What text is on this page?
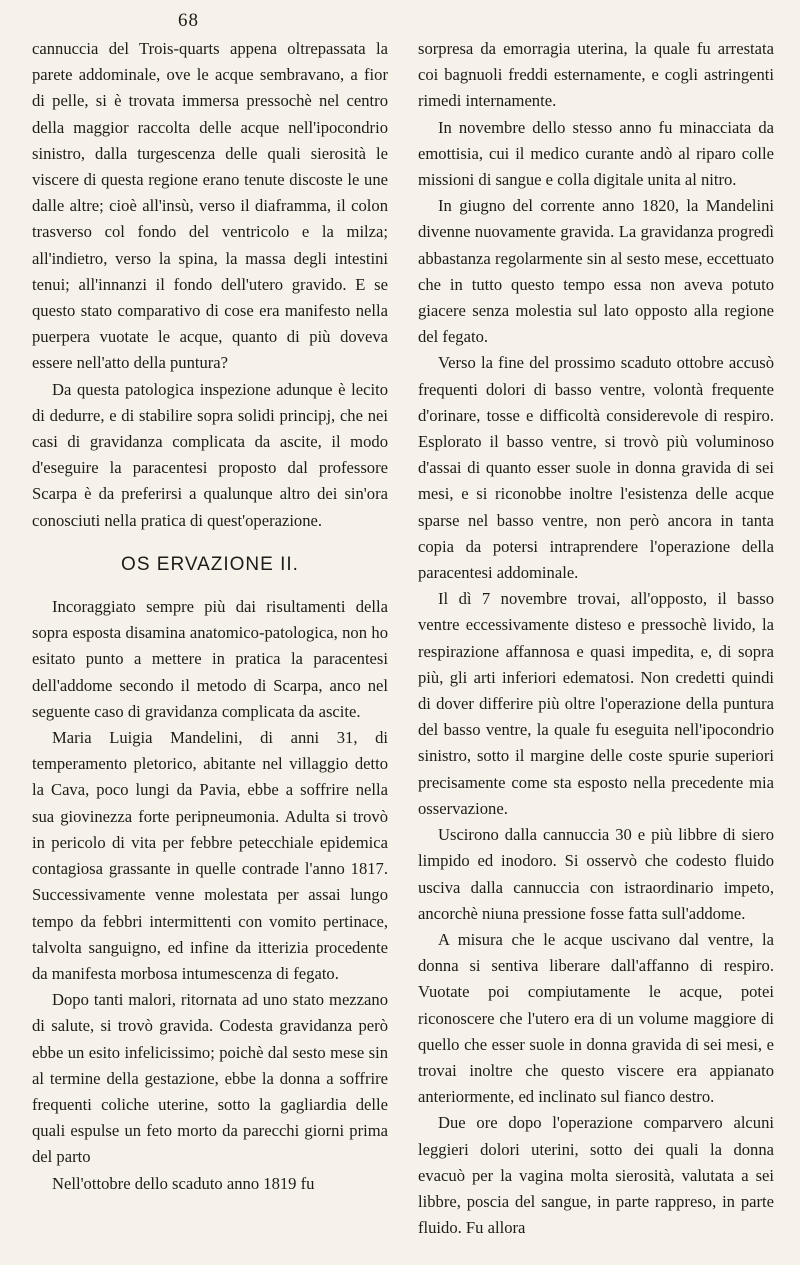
68

cannuccia del Trois-quarts appena oltrepassata la parete addominale, ove le acque sembravano, a fior di pelle, si è trovata immersa pressochè nel centro della maggior raccolta delle acque nell'ipocondrio sinistro, dalla turgescenza delle quali sierosità le viscere di questa regione erano tenute discoste le une dalle altre; cioè all'insù, verso il diaframma, il colon trasverso col fondo del ventricolo e la milza; all'indietro, verso la spina, la massa degli intestini tenui; all'innanzi il fondo dell'utero gravido. E se questo stato comparativo di cose era manifesto nella puerpera vuotate le acque, quanto di più doveva essere nell'atto della puntura?

Da questa patologica inspezione adunque è lecito di dedurre, e di stabilire sopra solidi principj, che nei casi di gravidanza complicata da ascite, il modo d'eseguire la paracentesi proposto dal professore Scarpa è da preferirsi a qualunque altro dei sin'ora conosciuti nella pratica di quest'operazione.

OS ERVAZIONE II.

Incoraggiato sempre più dai risultamenti della sopra esposta disamina anatomico-patologica, non ho esitato punto a mettere in pratica la paracentesi dell'addome secondo il metodo di Scarpa, anco nel seguente caso di gravidanza complicata da ascite.

Maria Luigia Mandelini, di anni 31, di temperamento pletorico, abitante nel villaggio detto la Cava, poco lungi da Pavia, ebbe a soffrire nella sua giovinezza forte peripneumonia. Adulta si trovò in pericolo di vita per febbre petecchiale epidemica contagiosa grassante in quelle contrade l'anno 1817. Successivamente venne molestata per assai lungo tempo da febbri intermittenti con vomito pertinace, talvolta sanguigno, ed infine da itterizia procedente da manifesta morbosa intumescenza di fegato.

Dopo tanti malori, ritornata ad uno stato mezzano di salute, si trovò gravida. Codesta gravidanza però ebbe un esito infelicissimo; poichè dal sesto mese sin al termine della gestazione, ebbe la donna a soffrire frequenti coliche uterine, sotto la gagliardia delle quali espulse un feto morto da parecchi giorni prima del parto

Nell'ottobre dello scaduto anno 1819 fu

sorpresa da emorragia uterina, la quale fu arrestata coi bagnuoli freddi esternamente, e cogli astringenti rimedi internamente.

In novembre dello stesso anno fu minacciata da emottisia, cui il medico curante andò al riparo colle missioni di sangue e colla digitale unita al nitro.

In giugno del corrente anno 1820, la Mandelini divenne nuovamente gravida. La gravidanza progredì abbastanza regolarmente sin al sesto mese, eccettuato che in tutto questo tempo essa non aveva potuto giacere senza molestia sul lato opposto alla regione del fegato.

Verso la fine del prossimo scaduto ottobre accusò frequenti dolori di basso ventre, volontà frequente d'orinare, tosse e difficoltà considerevole di respiro. Esplorato il basso ventre, si trovò più voluminoso d'assai di quanto esser suole in donna gravida di sei mesi, e si riconobbe inoltre l'esistenza delle acque sparse nel basso ventre, non però ancora in tanta copia da potersi intraprendere l'operazione della paracentesi addominale.

Il dì 7 novembre trovai, all'opposto, il basso ventre eccessivamente disteso e pressochè livido, la respirazione affannosa e quasi impedita, e, di sopra più, gli arti inferiori edematosi. Non credetti quindi di dover differire più oltre l'operazione della puntura del basso ventre, la quale fu eseguita nell'ipocondrio sinistro, sotto il margine delle coste spurie superiori precisamente come sta esposto nella precedente mia osservazione.

Uscirono dalla cannuccia 30 e più libbre di siero limpido ed inodoro. Si osservò che codesto fluido usciva dalla cannuccia con istraordinario impeto, ancorchè niuna pressione fosse fatta sull'addome.

A misura che le acque uscivano dal ventre, la donna si sentiva liberare dall'affanno di respiro. Vuotate poi compiutamente le acque, potei riconoscere che l'utero era di un volume maggiore di quello che esser suole in donna gravida di sei mesi, e trovai inoltre che questo viscere era appianato anteriormente, ed inclinato sul fianco destro.

Due ore dopo l'operazione comparvero alcuni leggieri dolori uterini, sotto dei quali la donna evacuò per la vagina molta sierosità, valutata a sei libbre, poscia del sangue, in parte rappreso, in parte fluido. Fu allora
